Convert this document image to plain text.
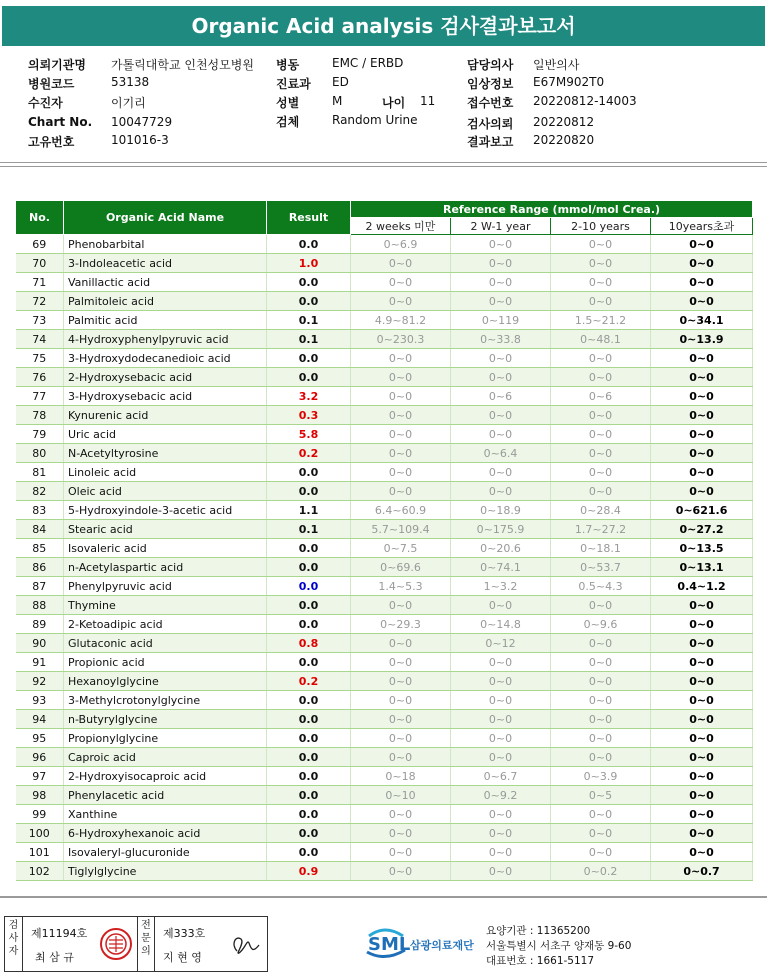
Organic Acid analysis 검사결과보고서
의뢰기관명 가톨릭대학교 인천성모병원
병원코드	53138
수진자	이기리
Chart No. 10047729
고유번호	101016-3
병동	EMC / ERBD
진료과 ED
성별	M	나이 11
검체	Random Urine
담당의사 일반의사
임상정보 E67M902T0
접수번호 20220812-14003
검사의뢰 20220812
결과보고 20220820
No.	Organic Acid Name	Result	Reference Range (mmol/mol Crea.)			
			2 weeks 미만	2 W-1 year	2-10 years	10years초과
69	Phenobarbital	0.0	0~6.9	0~0	0~0	0~0
70	3-Indoleacetic acid	1.0	0~0	0~0	0~0	0~0
71	Vanillactic acid	0.0	0~0	0~0	0~0	0~0
72	Palmitoleic acid	0.0	0~0	0~0	0~0	0~0
73	Palmitic acid	0.1	4.9~81.2	0~119	1.5~21.2	0~34.1
74	4-Hydroxyphenylpyruvic acid	0.1	0~230.3	0~33.8	0~48.1	0~13.9
75	3-Hydroxydodecanedioic acid	0.0	0~0	0~0	0~0	0~0
76	2-Hydroxysebacic acid	0.0	0~0	0~0	0~0	0~0
77	3-Hydroxysebacic acid	3.2	0~0	0~6	0~6	0~0
78	Kynurenic acid	0.3	0~0	0~0	0~0	0~0
79	Uric acid	5.8	0~0	0~0	0~0	0~0
80	N-Acetyltyrosine	0.2	0~0	0~6.4	0~0	0~0
81	Linoleic acid	0.0	0~0	0~0	0~0	0~0
82	Oleic acid	0.0	0~0	0~0	0~0	0~0
83	5-Hydroxyindole-3-acetic acid	1.1	6.4~60.9	0~18.9	0~28.4	0~621.6
84	Stearic acid	0.1	5.7~109.4	0~175.9	1.7~27.2	0~27.2
85	Isovaleric acid	0.0	0~7.5	0~20.6	0~18.1	0~13.5
86	n-Acetylaspartic acid	0.0	0~69.6	0~74.1	0~53.7	0~13.1
87	Phenylpyruvic acid	0.0	1.4~5.3	1~3.2	0.5~4.3	0.4~1.2
88	Thymine	0.0	0~0	0~0	0~0	0~0
89	2-Ketoadipic acid	0.0	0~29.3	0~14.8	0~9.6	0~0
90	Glutaconic acid	0.8	0~0	0~12	0~0	0~0
91	Propionic acid	0.0	0~0	0~0	0~0	0~0
92	Hexanoylglycine	0.2	0~0	0~0	0~0	0~0
93	3-Methylcrotonylglycine	0.0	0~0	0~0	0~0	0~0
94	n-Butyrylglycine	0.0	0~0	0~0	0~0	0~0
95	Propionylglycine	0.0	0~0	0~0	0~0	0~0
96	Caproic acid	0.0	0~0	0~0	0~0	0~0
97	2-Hydroxyisocaproic acid	0.0	0~18	0~6.7	0~3.9	0~0
98	Phenylacetic acid	0.0	0~10	0~9.2	0~5	0~0
99	Xanthine	0.0	0~0	0~0	0~0	0~0
100	6-Hydroxyhexanoic acid	0.0	0~0	0~0	0~0	0~0
101	Isovaleryl-glucuronide	0.0	0~0	0~0	0~0	0~0
102	Tiglylglycine	0.9	0~0	0~0	0~0.2	0~0.7
검사자
제11194호
최 삼 규
전문의
제333호
지 현 영
SML 삼광의료재단
요양기관 : 11365200
서울특별시 서초구 양재동 9-60
대표번호 : 1661-5117
